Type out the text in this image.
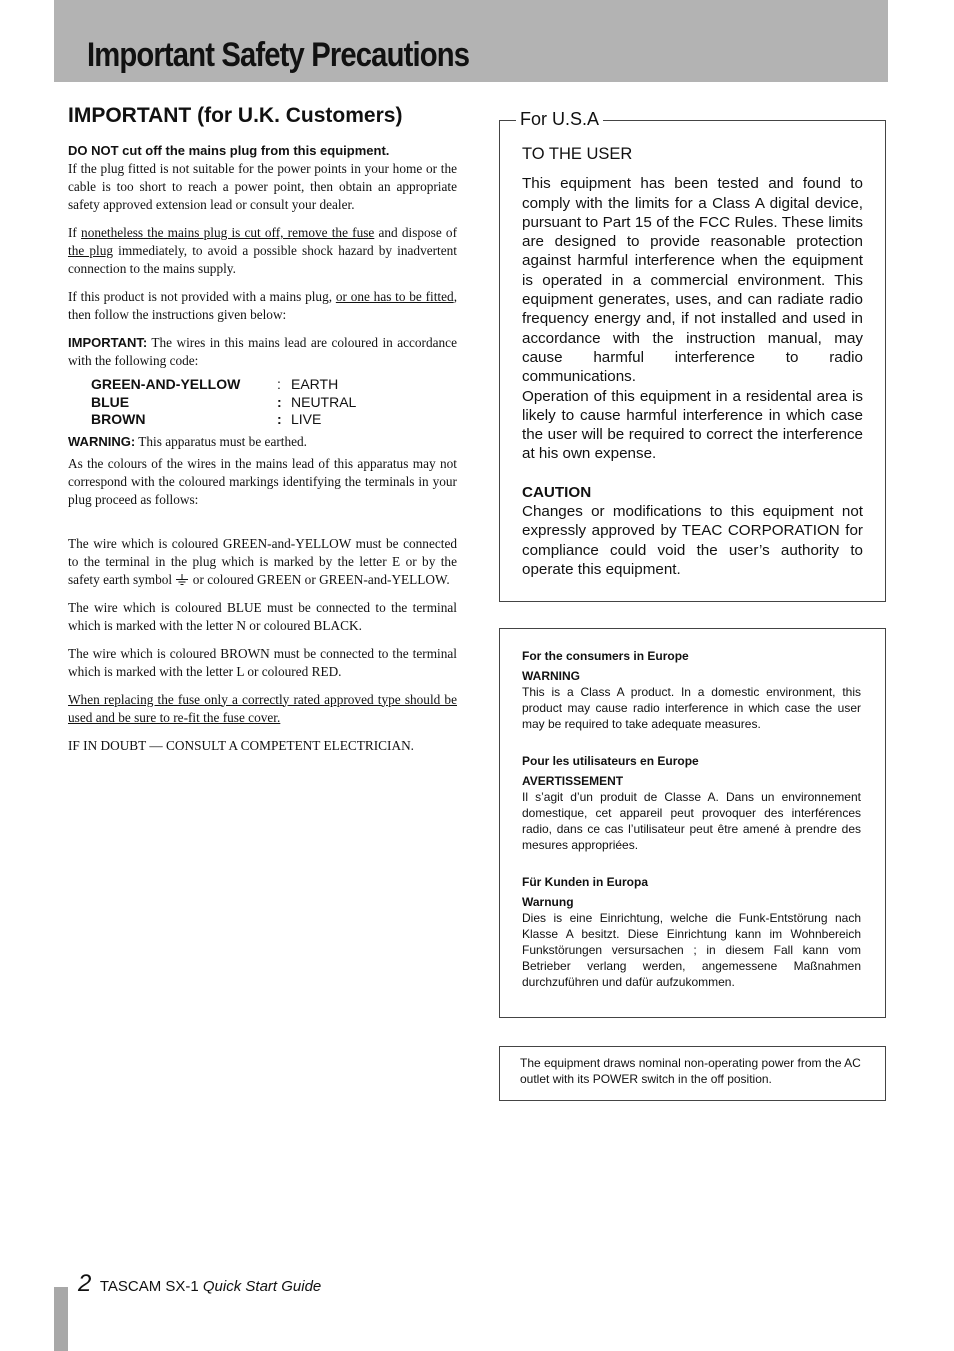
Important Safety Precautions
IMPORTANT (for U.K. Customers)

DO NOT cut off the mains plug from this equipment.
If the plug fitted is not suitable for the power points in your home or the cable is too short to reach a power point, then obtain an appropriate safety approved extension lead or consult your dealer.

If nonetheless the mains plug is cut off, remove the fuse and dispose of the plug immediately, to avoid a possible shock hazard by inadvertent connection to the mains supply.

If this product is not provided with a mains plug, or one has to be fitted, then follow the instructions given below:

IMPORTANT: The wires in this mains lead are coloured in accordance with the following code:

GREEN-AND-YELLOW	:	EARTH
BLUE	:	NEUTRAL
BROWN	:	LIVE

WARNING: This apparatus must be earthed.

As the colours of the wires in the mains lead of this apparatus may not correspond with the coloured markings identifying the terminals in your plug proceed as follows:

The wire which is coloured GREEN-and-YELLOW must be connected to the terminal in the plug which is marked by the letter E or by the safety earth symbol  or coloured GREEN or GREEN-and-YELLOW.

The wire which is coloured BLUE must be connected to the terminal which is marked with the letter N or coloured BLACK.

The wire which is coloured BROWN must be connected to the terminal which is marked with the letter L or coloured RED.

When replacing the fuse only a correctly rated approved type should be used and be sure to re-fit the fuse cover.

IF IN DOUBT — CONSULT A COMPETENT ELECTRICIAN.

For U.S.A

TO THE USER

This equipment has been tested and found to comply with the limits for a Class A digital device, pursuant to Part 15 of the FCC Rules. These limits are designed to provide reasonable protection against harmful interference when the equipment is operated in a commercial environment. This equipment generates, uses, and can radiate radio frequency energy and, if not installed and used in accordance with the instruction manual, may cause harmful interference to radio communications.

Operation of this equipment in a residental area is likely to cause harmful interference in which case the user will be required to correct the interference at his own expense.

CAUTION

Changes or modifications to this equipment not expressly approved by TEAC CORPORATION for compliance could void the user’s authority to operate this equipment.

For the consumers in Europe

WARNING

This is a Class A product. In a domestic environment, this product may cause radio interference in which case the user may be required to take adequate measures.

Pour les utilisateurs en Europe

AVERTISSEMENT

Il s’agit d’un produit de Classe A. Dans un environnement domestique, cet appareil peut provoquer des interférences radio, dans ce cas l’utilisateur peut être amené à prendre des mesures appropriées.

Für Kunden in Europa

Warnung

Dies is eine Einrichtung, welche die Funk-Entstörung nach Klasse A besitzt. Diese Einrichtung kann im Wohnbereich Funkstörungen versursachen ; in diesem Fall kann vom Betrieber verlang werden, angemessene Maßnahmen durchzuführen und dafür aufzukommen.

The equipment draws nominal non-operating power from the AC outlet with its POWER switch in the off position.

2 TASCAM SX-1 Quick Start Guide
